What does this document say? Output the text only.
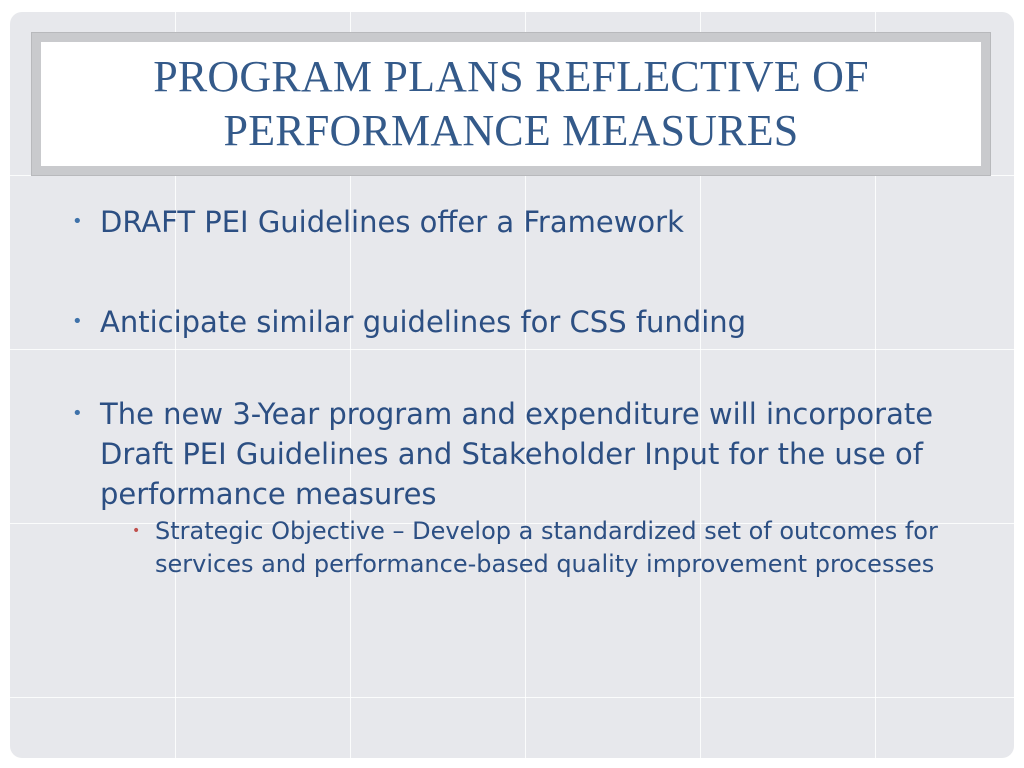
PROGRAM PLANS REFLECTIVE OF PERFORMANCE MEASURES
• DRAFT PEI Guidelines offer a Framework
• Anticipate similar guidelines for CSS funding
• The new 3-Year program and expenditure will incorporate Draft PEI Guidelines and Stakeholder Input for the use of performance measures
• Strategic Objective – Develop a standardized set of outcomes for services and performance-based quality improvement processes
